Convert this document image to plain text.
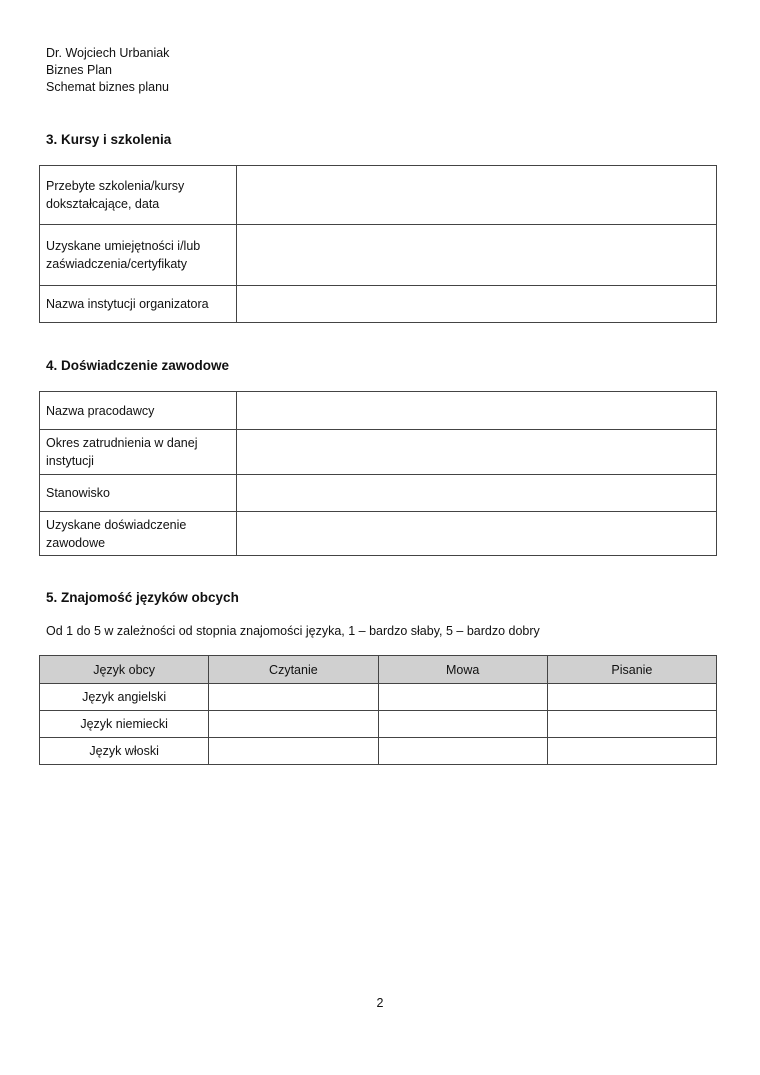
Dr. Wojciech Urbaniak
Biznes Plan
Schemat biznes planu
3. Kursy i szkolenia
Przebyte szkolenia/kursy dokształcające, data	
Uzyskane umiejętności i/lub zaświadczenia/certyfikaty	
Nazwa instytucji organizatora	
4. Doświadczenie zawodowe
Nazwa pracodawcy	
Okres zatrudnienia w danej instytucji	
Stanowisko	
Uzyskane doświadczenie zawodowe	
5. Znajomość języków obcych
Od 1 do 5 w zależności od stopnia znajomości języka, 1 – bardzo słaby, 5 – bardzo dobry
Język obcy	Czytanie	Mowa	Pisanie
Język angielski			
Język niemiecki			
Język włoski			
2
